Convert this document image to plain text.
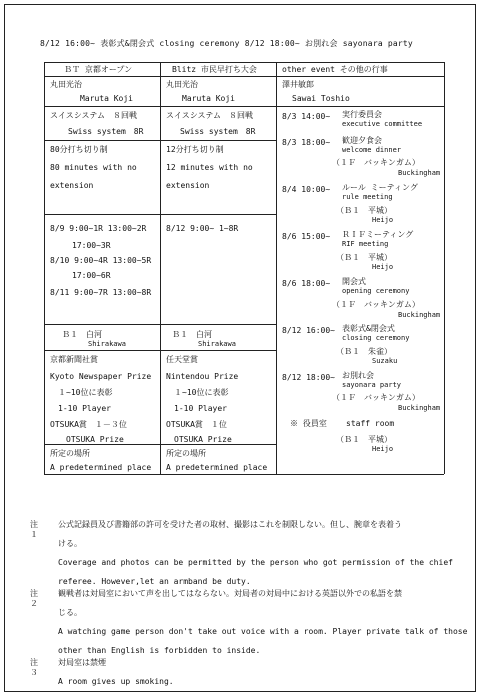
8/12 16:00~ 表彰式&閉会式 closing ceremony 8/12 18:00~ お別れ会 sayonara party
ＢＴ 京都オープン	Blitz 市民早打ち大会	other event その他の行事
丸田光治
Maruta Koji
スイスシステム　８回戦
Swiss system　8R
80分打ち切り制
80 minutes with no
extension
8/9 9:00~1R 13:00~2R
17:00~3R
8/10 9:00~4R 13:00~5R
17:00~6R
8/11 9:00~7R 13:00~8R
Ｂ１　白河
Shirakawa
京都新聞社賞
Kyoto Newspaper Prize
１~10位に表彰
1-10 Player
OTSUKA賞　１－３位
OTSUKA Prize
所定の場所
A predetermined place
丸田光治
Maruta Koji
スイスシステム　８回戦
Swiss system　8R
12分打ち切り制
12 minutes with no
extension
8/12 9:00~ 1~8R
Ｂ１　白河
Shirakawa
任天堂賞
Nintendou Prize
１~10位に表彰
1-10 Player
OTSUKA賞　１位
OTSUKA Prize
所定の場所
A predetermined place
澤井敏郎
Sawai Toshio
8/3 14:00~ 実行委員会
executive committee
8/3 18:00~ 歓迎夕食会
welcome dinner
（１Ｆ　バッキンガム）
Buckingham
8/4 10:00~ ルール ミーティング
rule meeting
（Ｂ１　平城）
Heijo
8/6 15:00~ ＲＩＦミーティング
RIF meeting
（Ｂ１　平城）
Heijo
8/6 18:00~ 開会式
opening ceremony
（１Ｆ　バッキンガム）
Buckingham
8/12 16:00~ 表彰式&閉会式
closing ceremony
（Ｂ１　朱雀）
Suzaku
8/12 18:00~ お別れ会
sayonara party
（１Ｆ　バッキンガム）
Buckingham
※ 役員室 staff room
（Ｂ１　平城）
Heijo
注１
公式記録員及び書籍部の許可を受けた者の取材、撮影はこれを制限しない。但し、腕章を表着う
ける。
Coverage and photos can be permitted by the person who got permission of the chief
referee. However,let an armband be duty.
注２
観戦者は対局室において声を出してはならない。対局者の対局中における英語以外での私語を禁
じる。
A watching game person don't take out voice with a room. Player private talk of those
other than English is forbidden to inside.
注３
対局室は禁煙
A room gives up smoking.
